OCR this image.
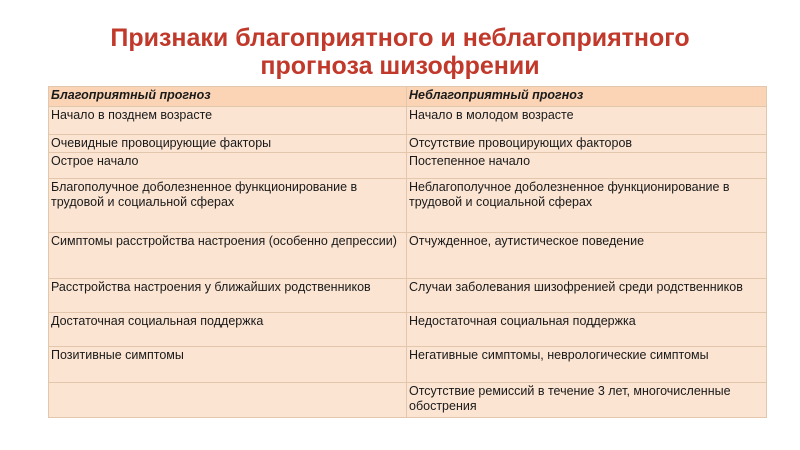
Признаки благоприятного и неблагоприятного
прогноза шизофрении
Благоприятный прогноз	Неблагоприятный прогноз
Начало в позднем возрасте	Начало в молодом возрасте
Очевидные провоцирующие факторы	Отсутствие провоцирующих факторов
Острое начало	Постепенное начало
Благополучное доболезненное функционирование в трудовой и социальной сферах	Неблагополучное доболезненное функционирование в трудовой и социальной сферах
Симптомы расстройства настроения (особенно депрессии)	Отчужденное, аутистическое поведение
Расстройства настроения у ближайших родственников	Случаи заболевания шизофренией среди родственников
Достаточная социальная поддержка	Недостаточная социальная поддержка
Позитивные симптомы	Негативные симптомы, неврологические симптомы
	Отсутствие ремиссий в течение 3 лет, многочисленные обострения
